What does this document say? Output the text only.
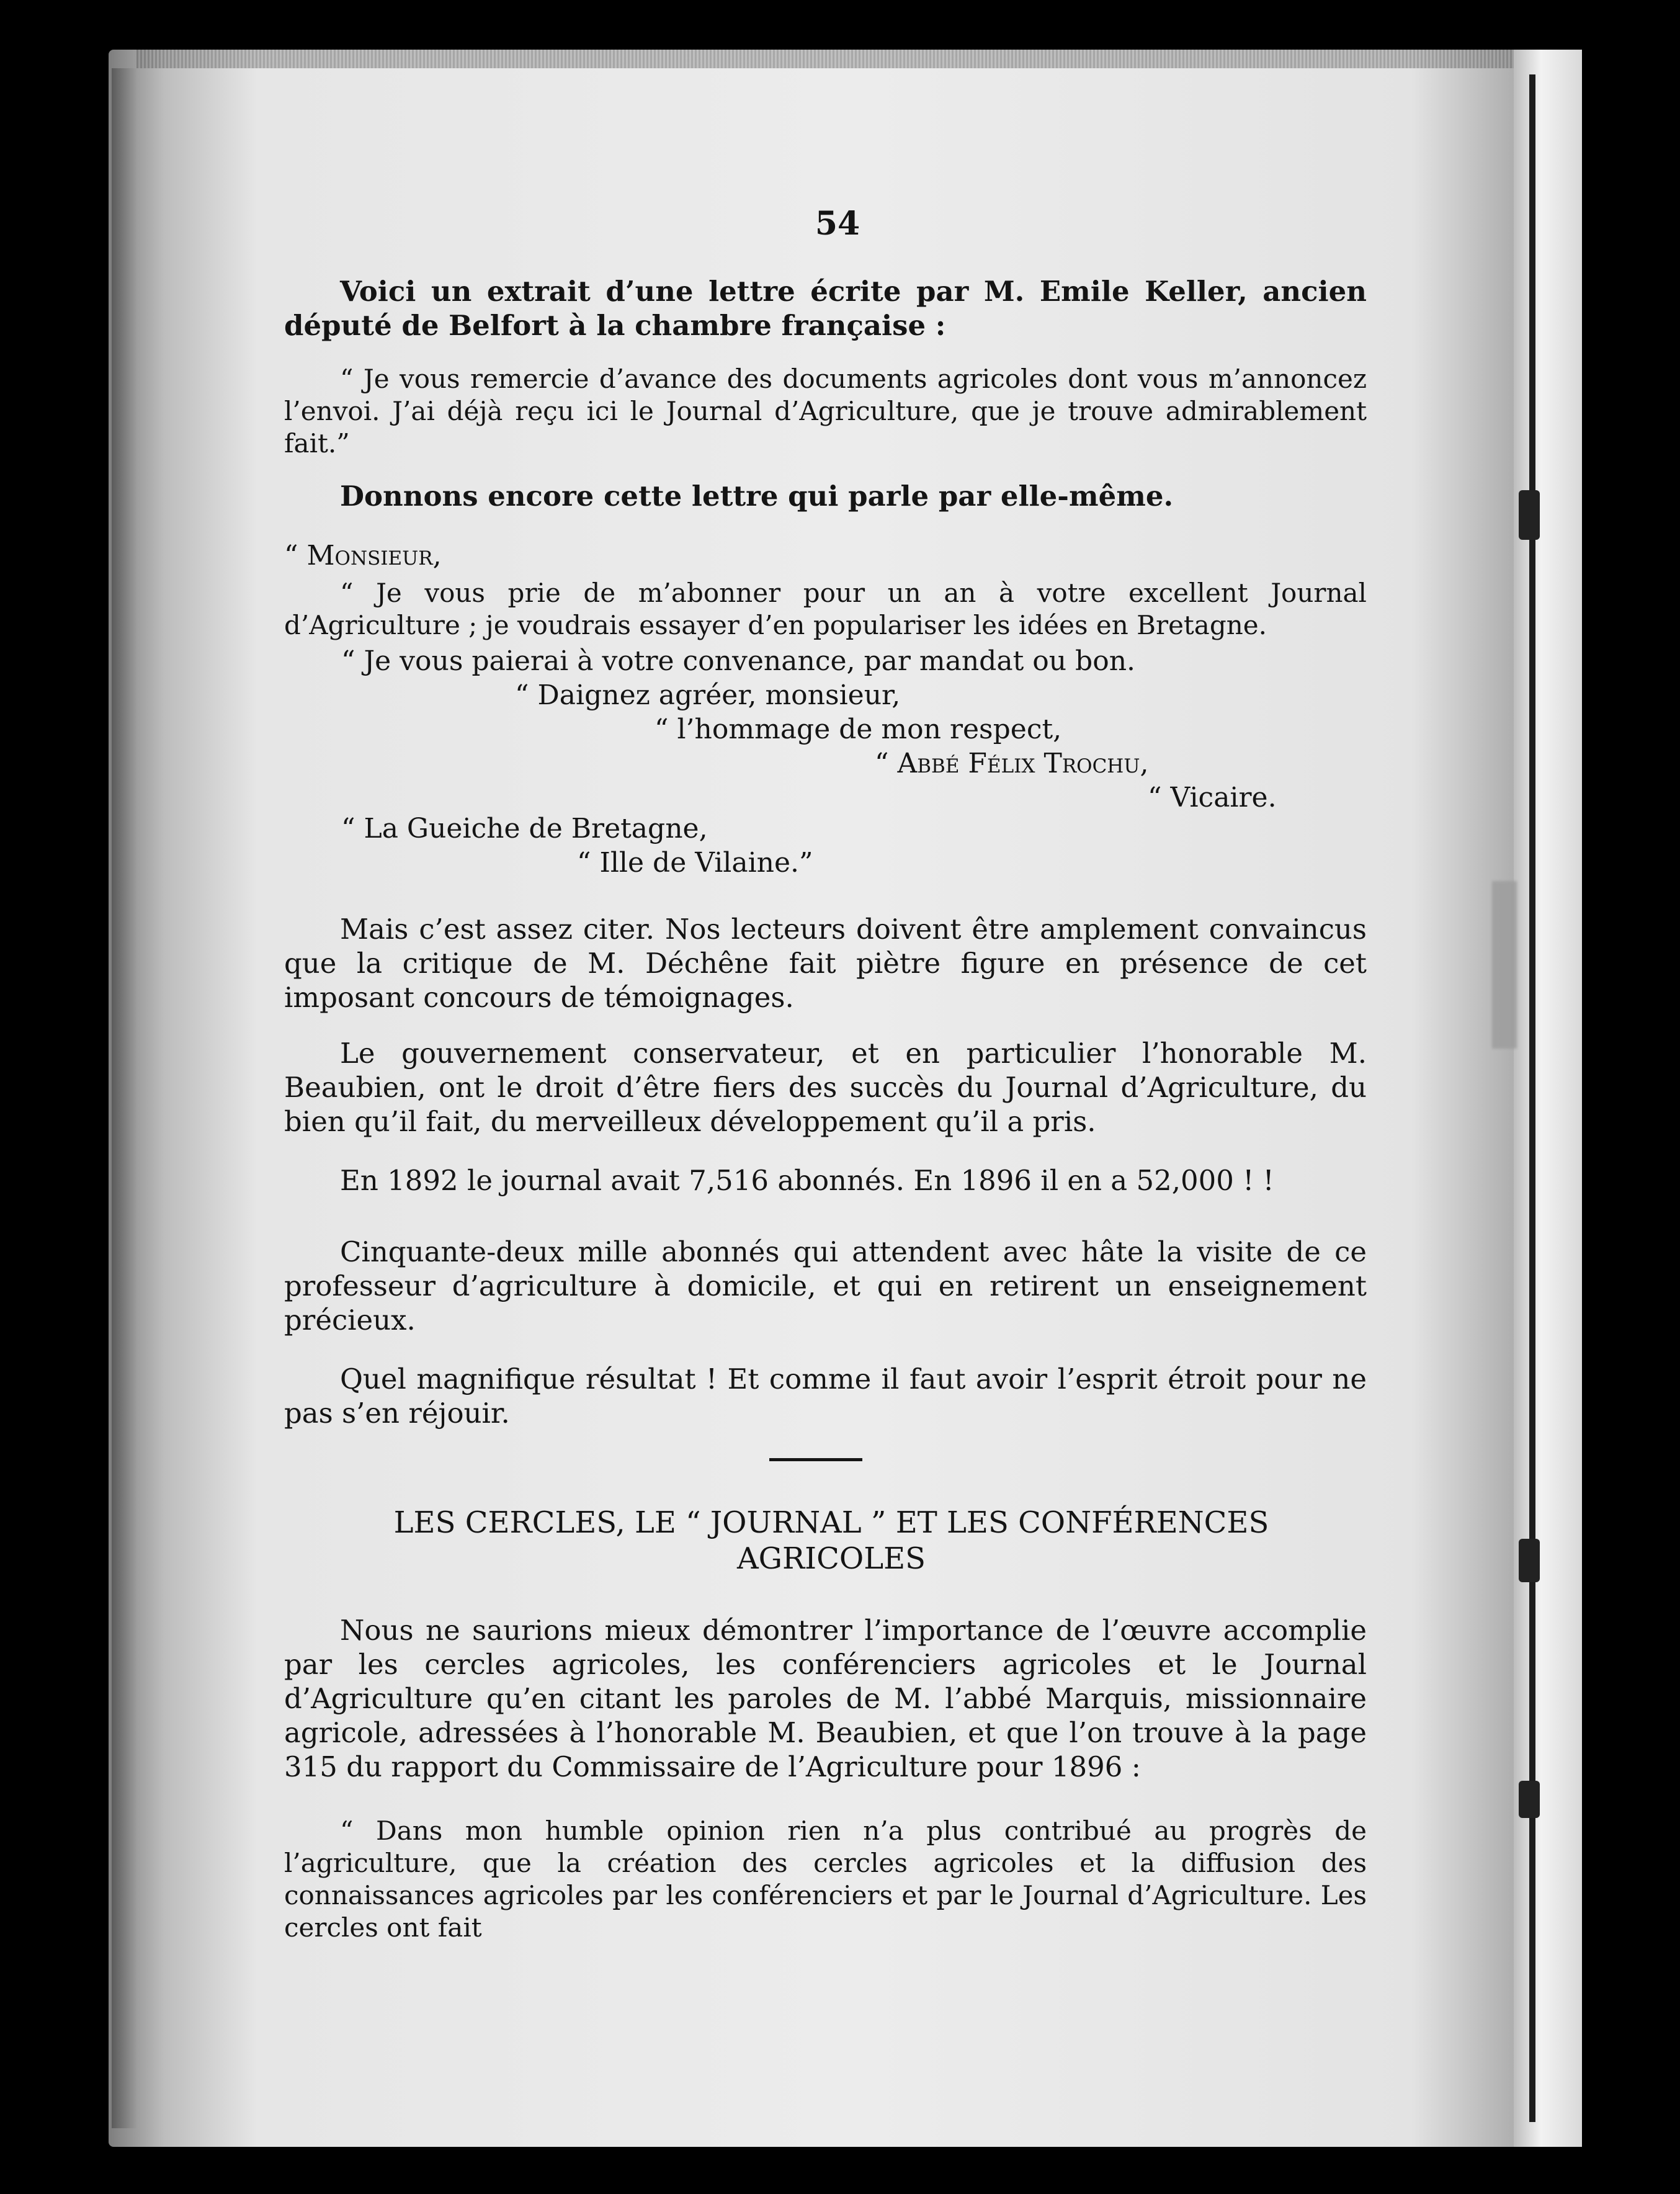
54

Voici un extrait d’une lettre écrite par M. Emile Keller, ancien député de Belfort à la chambre française :

“ Je vous remercie d’avance des documents agricoles dont vous m’annoncez l’envoi. J’ai déjà reçu ici le Journal d’Agriculture, que je trouve admirablement fait.”

Donnons encore cette lettre qui parle par elle-même.

“ Monsieur,

“ Je vous prie de m’abonner pour un an à votre excellent Journal d’Agriculture ; je voudrais essayer d’en populariser les idées en Bretagne.

“ Je vous paierai à votre convenance, par mandat ou bon.

“ Daignez agréer, monsieur,

“ l’hommage de mon respect,

“ Abbé Félix Trochu,

“ Vicaire.

“ La Gueiche de Bretagne,

“ Ille de Vilaine.”

Mais c’est assez citer. Nos lecteurs doivent être amplement convaincus que la critique de M. Déchêne fait piètre figure en présence de cet imposant concours de témoignages.

Le gouvernement conservateur, et en particulier l’honorable M. Beaubien, ont le droit d’être fiers des succès du Journal d’Agriculture, du bien qu’il fait, du merveilleux développement qu’il a pris.

En 1892 le journal avait 7,516 abonnés. En 1896 il en a 52,000 ! !

Cinquante-deux mille abonnés qui attendent avec hâte la visite de ce professeur d’agriculture à domicile, et qui en retirent un enseignement précieux.

Quel magnifique résultat ! Et comme il faut avoir l’esprit étroit pour ne pas s’en réjouir.

LES CERCLES, LE “ JOURNAL ” ET LES CONFÉRENCES AGRICOLES

Nous ne saurions mieux démontrer l’importance de l’œuvre accomplie par les cercles agricoles, les conférenciers agricoles et le Journal d’Agriculture qu’en citant les paroles de M. l’abbé Marquis, missionnaire agricole, adressées à l’honorable M. Beaubien, et que l’on trouve à la page 315 du rapport du Commissaire de l’Agriculture pour 1896 :

“ Dans mon humble opinion rien n’a plus contribué au progrès de l’agriculture, que la création des cercles agricoles et la diffusion des connaissances agricoles par les conférenciers et par le Journal d’Agriculture. Les cercles ont fait
